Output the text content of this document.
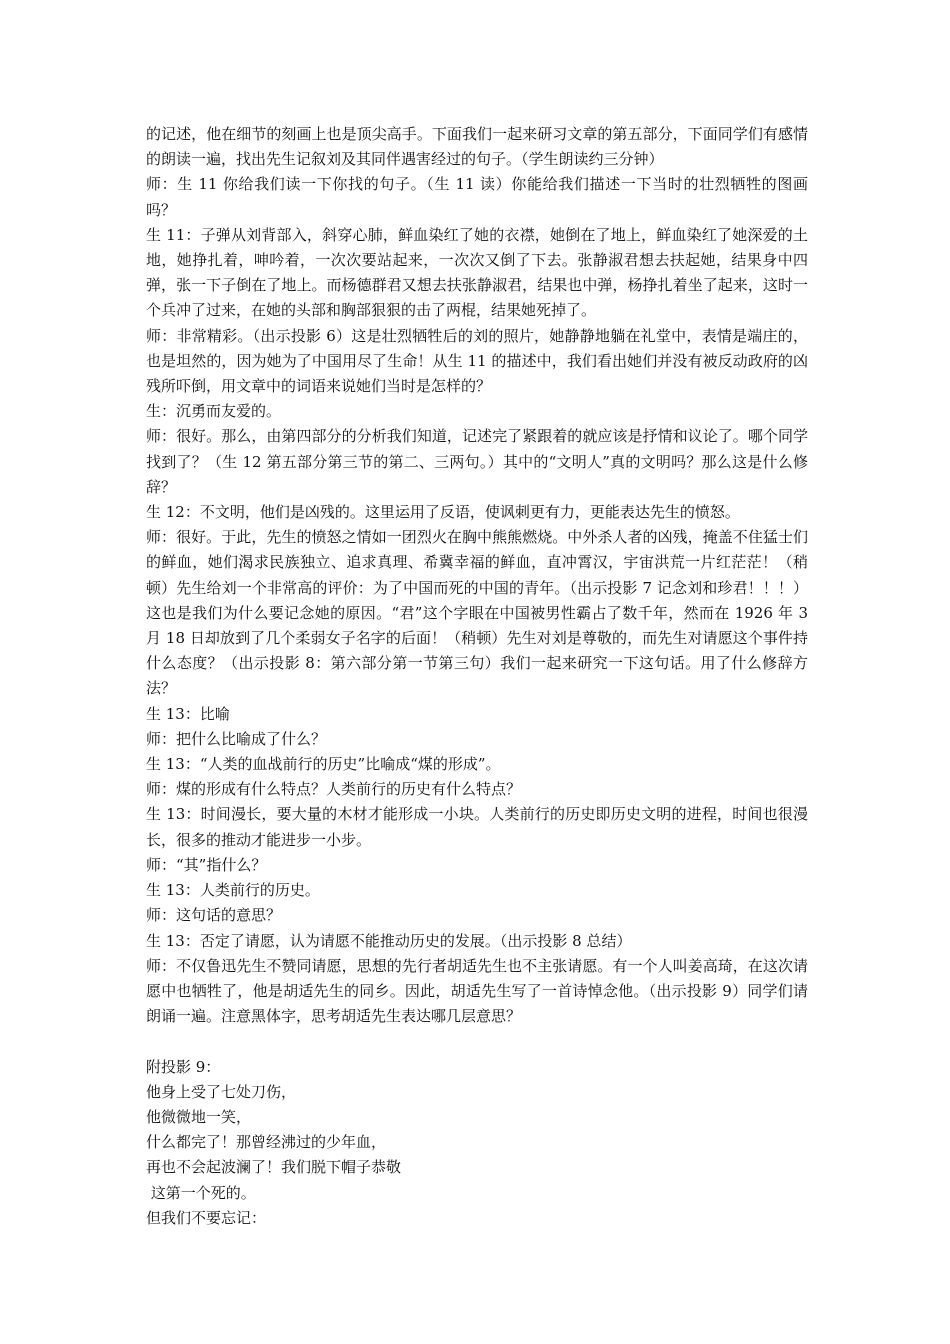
的记述，他在细节的刻画上也是顶尖高手。下面我们一起来研习文章的第五部分，下面同学们有感情的朗读一遍，找出先生记叙刘及其同伴遇害经过的句子。（学生朗读约三分钟）

师：生 11 你给我们读一下你找的句子。（生 11 读）你能给我们描述一下当时的壮烈牺牲的图画吗？

生 11：子弹从刘背部入，斜穿心肺，鲜血染红了她的衣襟，她倒在了地上，鲜血染红了她深爱的土地，她挣扎着，呻吟着，一次次要站起来，一次次又倒了下去。张静淑君想去扶起她，结果身中四弹，张一下子倒在了地上。而杨德群君又想去扶张静淑君，结果也中弹，杨挣扎着坐了起来，这时一个兵冲了过来，在她的头部和胸部狠狠的击了两棍，结果她死掉了。

师：非常精彩。（出示投影 6）这是壮烈牺牲后的刘的照片，她静静地躺在礼堂中，表情是端庄的，也是坦然的，因为她为了中国用尽了生命！从生 11 的描述中，我们看出她们并没有被反动政府的凶残所吓倒，用文章中的词语来说她们当时是怎样的？

生：沉勇而友爱的。

师：很好。那么，由第四部分的分析我们知道，记述完了紧跟着的就应该是抒情和议论了。哪个同学找到了？（生 12 第五部分第三节的第二、三两句。）其中的“文明人”真的文明吗？那么这是什么修辞？

生 12：不文明，他们是凶残的。这里运用了反语，使讽刺更有力，更能表达先生的愤怒。

师：很好。于此，先生的愤怒之情如一团烈火在胸中熊熊燃烧。中外杀人者的凶残，掩盖不住猛士们的鲜血，她们渴求民族独立、追求真理、希冀幸福的鲜血，直冲霄汉，宇宙洪荒一片红茫茫！（稍顿）先生给刘一个非常高的评价：为了中国而死的中国的青年。（出示投影 7 记念刘和珍君！！！）这也是我们为什么要记念她的原因。“君”这个字眼在中国被男性霸占了数千年，然而在 1926 年 3 月 18 日却放到了几个柔弱女子名字的后面！（稍顿）先生对刘是尊敬的，而先生对请愿这个事件持什么态度？（出示投影 8：第六部分第一节第三句）我们一起来研究一下这句话。用了什么修辞方法？

生 13：比喻

师：把什么比喻成了什么？

生 13：“人类的血战前行的历史”比喻成“煤的形成”。

师：煤的形成有什么特点？人类前行的历史有什么特点？

生 13：时间漫长，要大量的木材才能形成一小块。人类前行的历史即历史文明的进程，时间也很漫长，很多的推动才能进步一小步。

师：“其”指什么？

生 13：人类前行的历史。

师：这句话的意思？

生 13：否定了请愿，认为请愿不能推动历史的发展。（出示投影 8 总结）

师：不仅鲁迅先生不赞同请愿，思想的先行者胡适先生也不主张请愿。有一个人叫姜高琦，在这次请愿中也牺牲了，他是胡适先生的同乡。因此，胡适先生写了一首诗悼念他。（出示投影 9）同学们请朗诵一遍。注意黑体字，思考胡适先生表达哪几层意思？

附投影 9：

他身上受了七处刀伤，

他微微地一笑，

什么都完了！那曾经沸过的少年血，

再也不会起波澜了！我们脱下帽子恭敬

这第一个死的。

但我们不要忘记：
